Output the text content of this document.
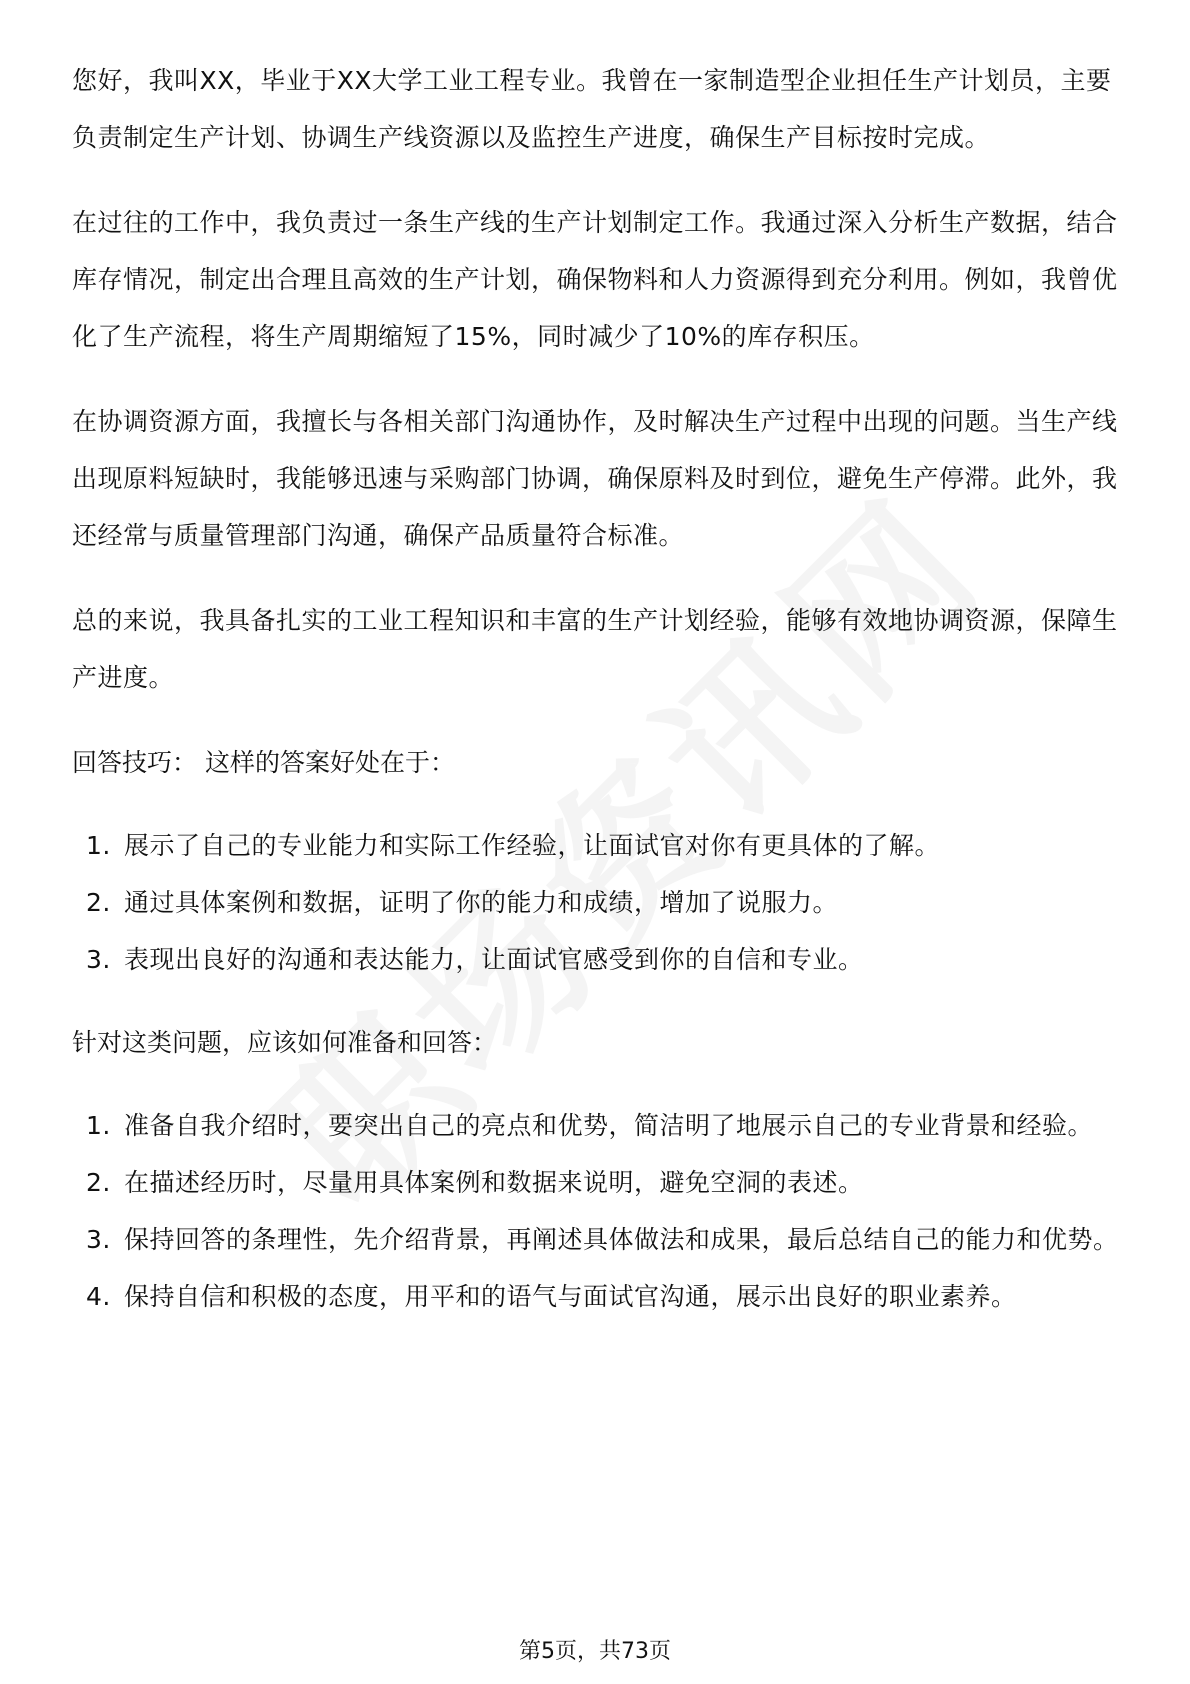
您好，我叫XX，毕业于XX大学工业工程专业。我曾在一家制造型企业担任生产计划员，主要负责制定生产计划、协调生产线资源以及监控生产进度，确保生产目标按时完成。

在过往的工作中，我负责过一条生产线的生产计划制定工作。我通过深入分析生产数据，结合库存情况，制定出合理且高效的生产计划，确保物料和人力资源得到充分利用。例如，我曾优化了生产流程，将生产周期缩短了15%，同时减少了10%的库存积压。

在协调资源方面，我擅长与各相关部门沟通协作，及时解决生产过程中出现的问题。当生产线出现原料短缺时，我能够迅速与采购部门协调，确保原料及时到位，避免生产停滞。此外，我还经常与质量管理部门沟通，确保产品质量符合标准。

总的来说，我具备扎实的工业工程知识和丰富的生产计划经验，能够有效地协调资源，保障生产进度。

回答技巧： 这样的答案好处在于：
1. 展示了自己的专业能力和实际工作经验，让面试官对你有更具体的了解。
2. 通过具体案例和数据，证明了你的能力和成绩，增加了说服力。
3. 表现出良好的沟通和表达能力，让面试官感受到你的自信和专业。
针对这类问题，应该如何准备和回答：
1. 准备自我介绍时，要突出自己的亮点和优势，简洁明了地展示自己的专业背景和经验。
2. 在描述经历时，尽量用具体案例和数据来说明，避免空洞的表述。
3. 保持回答的条理性，先介绍背景，再阐述具体做法和成果，最后总结自己的能力和优势。
4. 保持自信和积极的态度，用平和的语气与面试官沟通，展示出良好的职业素养。
第5页，共73页
